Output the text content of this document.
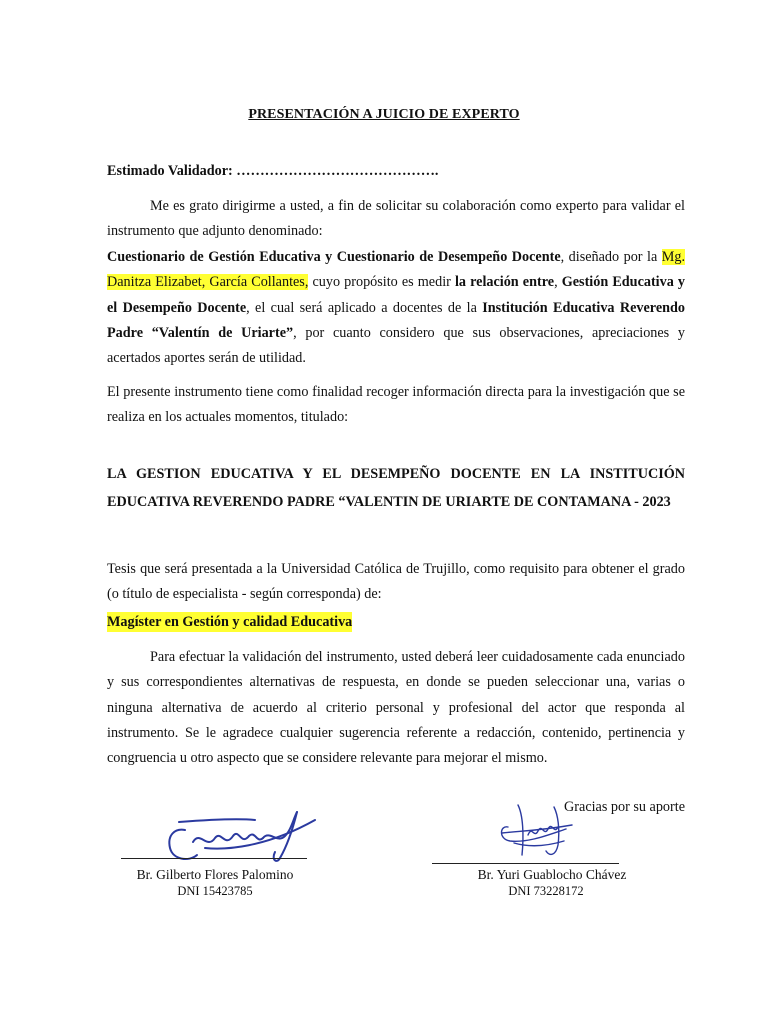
PRESENTACIÓN A JUICIO DE EXPERTO
Estimado Validador: …………………………………….
Me es grato dirigirme a usted, a fin de solicitar su colaboración como experto para validar el instrumento que adjunto denominado:
Cuestionario de Gestión Educativa y Cuestionario de Desempeño Docente, diseñado por la Mg. Danitza Elizabet, García Collantes, cuyo propósito es medir la relación entre, Gestión Educativa y el Desempeño Docente, el cual será aplicado a docentes de la Institución Educativa Reverendo Padre “Valentín de Uriarte”, por cuanto considero que sus observaciones, apreciaciones y acertados aportes serán de utilidad.
El presente instrumento tiene como finalidad recoger información directa para la investigación que se realiza en los actuales momentos, titulado:
LA GESTION EDUCATIVA Y EL DESEMPEÑO DOCENTE EN LA INSTITUCIÓN EDUCATIVA REVERENDO PADRE “VALENTIN DE URIARTE DE CONTAMANA - 2023
Tesis que será presentada a la Universidad Católica de Trujillo, como requisito para obtener el grado (o título de especialista - según corresponda) de:
Magíster en Gestión y calidad Educativa
Para efectuar la validación del instrumento, usted deberá leer cuidadosamente cada enunciado y sus correspondientes alternativas de respuesta, en donde se pueden seleccionar una, varias o ninguna alternativa de acuerdo al criterio personal y profesional del actor que responda al instrumento. Se le agradece cualquier sugerencia referente a redacción, contenido, pertinencia y congruencia u otro aspecto que se considere relevante para mejorar el mismo.
Gracias por su aporte
Br. Gilberto Flores Palomino
DNI 15423785
Br. Yuri Guablocho Chávez
DNI 73228172
